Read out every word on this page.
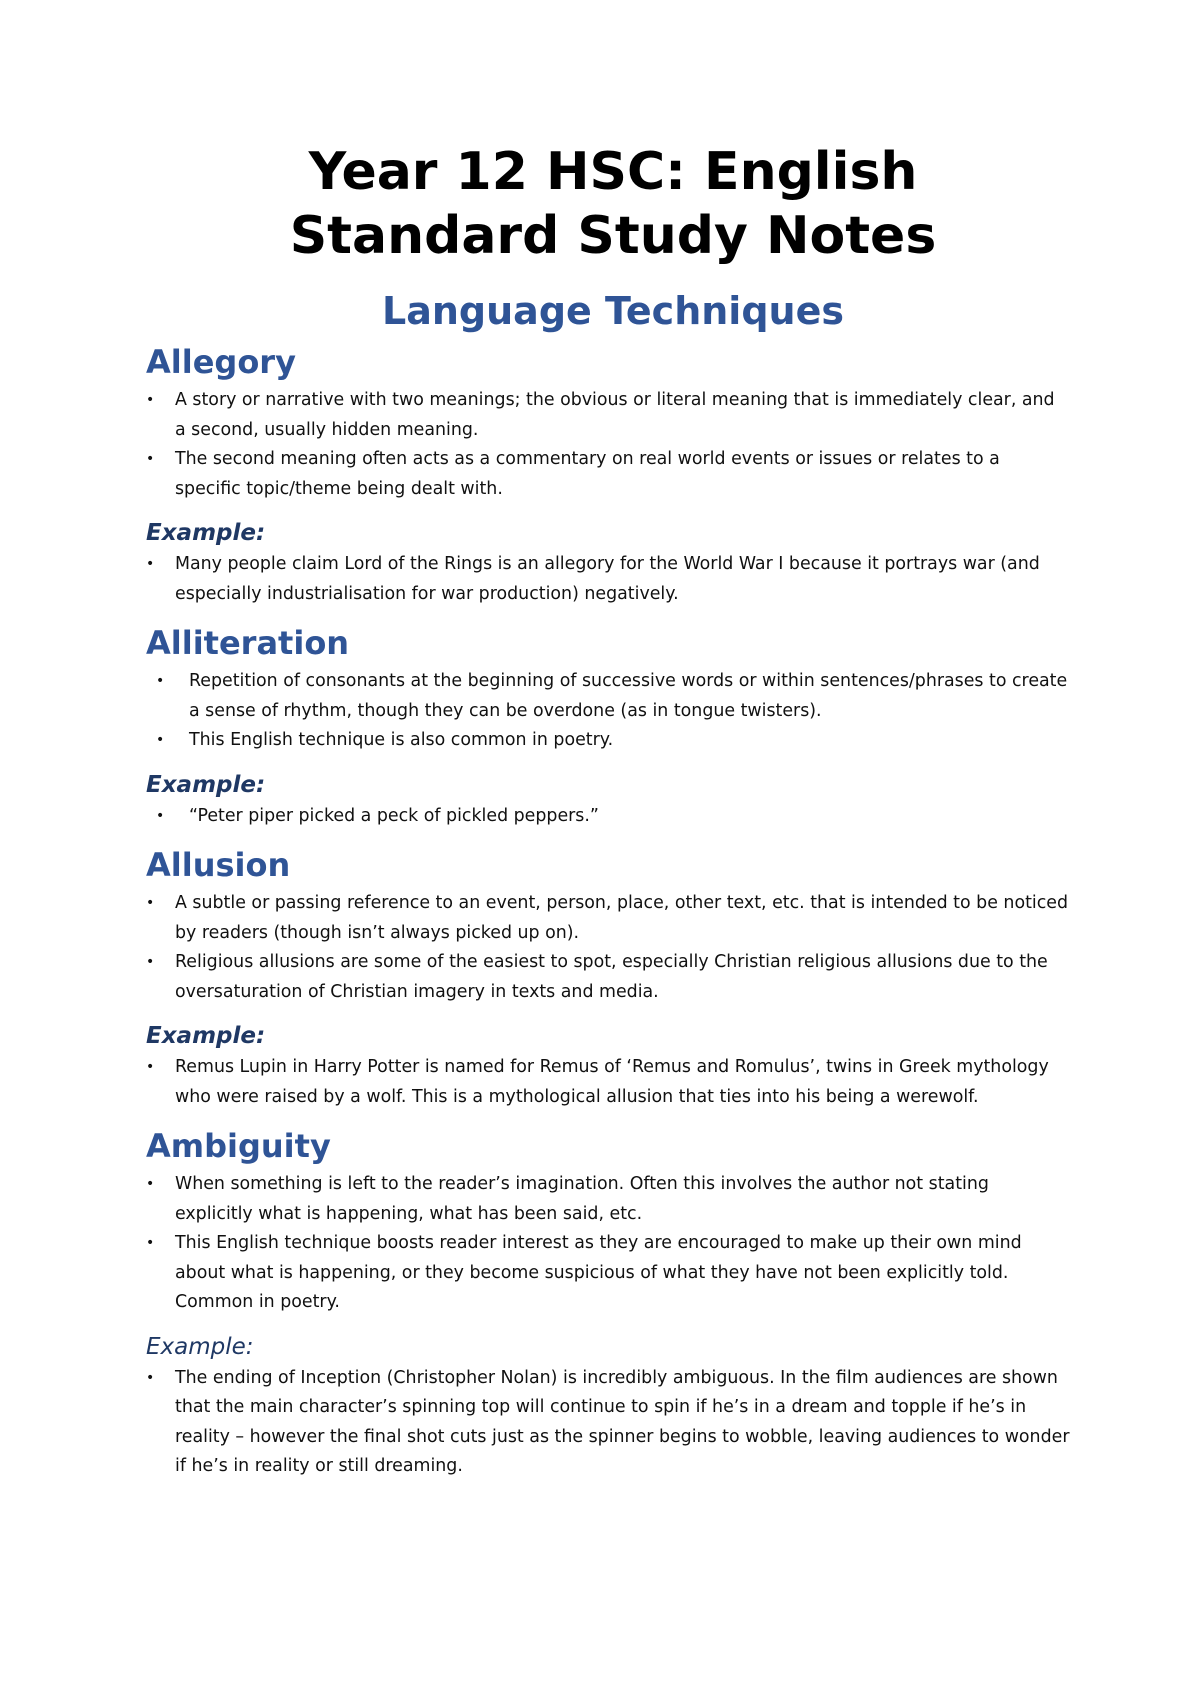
Year 12 HSC: English
Standard Study Notes
Language Techniques
Allegory
• A story or narrative with two meanings; the obvious or literal meaning that is immediately clear, and a second, usually hidden meaning.
• The second meaning often acts as a commentary on real world events or issues or relates to a specific topic/theme being dealt with.
Example:
• Many people claim Lord of the Rings is an allegory for the World War I because it portrays war (and especially industrialisation for war production) negatively.
Alliteration
• Repetition of consonants at the beginning of successive words or within sentences/phrases to create a sense of rhythm, though they can be overdone (as in tongue twisters).
• This English technique is also common in poetry.
Example:
• “Peter piper picked a peck of pickled peppers.”
Allusion
• A subtle or passing reference to an event, person, place, other text, etc. that is intended to be noticed by readers (though isn’t always picked up on).
• Religious allusions are some of the easiest to spot, especially Christian religious allusions due to the oversaturation of Christian imagery in texts and media.
Example:
• Remus Lupin in Harry Potter is named for Remus of ‘Remus and Romulus’, twins in Greek mythology who were raised by a wolf. This is a mythological allusion that ties into his being a werewolf.
Ambiguity
• When something is left to the reader’s imagination. Often this involves the author not stating explicitly what is happening, what has been said, etc.
• This English technique boosts reader interest as they are encouraged to make up their own mind about what is happening, or they become suspicious of what they have not been explicitly told. Common in poetry.
Example:
• The ending of Inception (Christopher Nolan) is incredibly ambiguous. In the film audiences are shown that the main character’s spinning top will continue to spin if he’s in a dream and topple if he’s in reality – however the final shot cuts just as the spinner begins to wobble, leaving audiences to wonder if he’s in reality or still dreaming.
